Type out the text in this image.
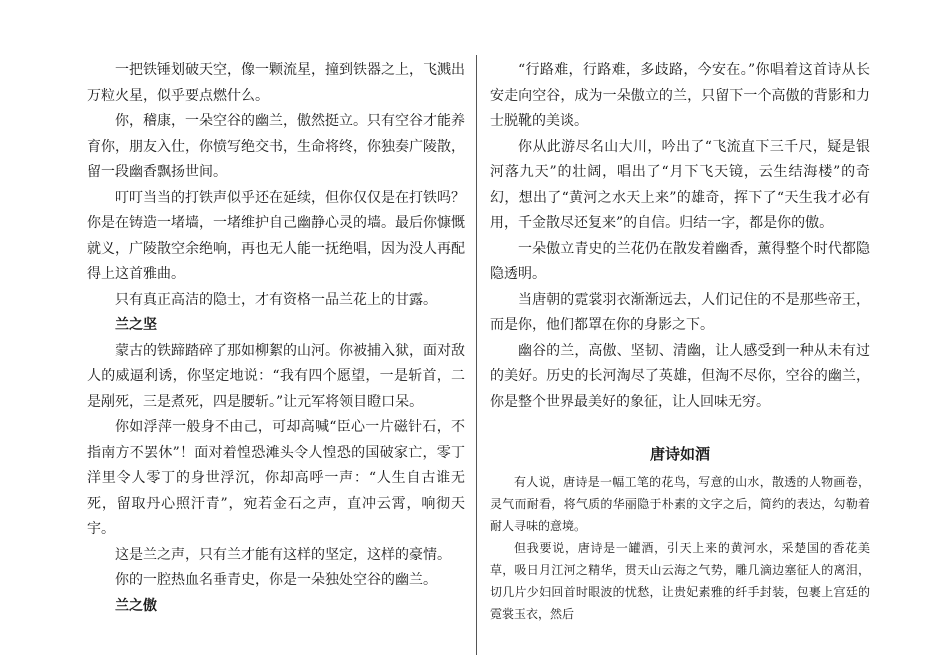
一把铁锤划破天空，像一颗流星，撞到铁器之上，飞溅出万粒火星，似乎要点燃什么。

你，稽康，一朵空谷的幽兰，傲然挺立。只有空谷才能养育你，朋友入仕，你愤写绝交书，生命将终，你独奏广陵散，留一段幽香飘扬世间。

叮叮当当的打铁声似乎还在延续，但你仅仅是在打铁吗？你是在铸造一堵墙，一堵维护自己幽静心灵的墙。最后你慷慨就义，广陵散空余绝响，再也无人能一抚绝唱，因为没人再配得上这首雅曲。

只有真正高洁的隐士，才有资格一品兰花上的甘露。

兰之坚

蒙古的铁蹄踏碎了那如柳絮的山河。你被捕入狱，面对敌人的威逼利诱，你坚定地说：“我有四个愿望，一是斩首，二是剐死，三是煮死，四是腰斩。”让元军将领目瞪口呆。

你如浮萍一般身不由己，可却高喊“臣心一片磁针石，不指南方不罢休”！面对着惶恐滩头令人惶恐的国破家亡，零丁洋里令人零丁的身世浮沉，你却高呼一声：“人生自古谁无死，留取丹心照汗青”，宛若金石之声，直冲云霄，响彻天宇。

这是兰之声，只有兰才能有这样的坚定，这样的豪情。

你的一腔热血名垂青史，你是一朵独处空谷的幽兰。

兰之傲

“行路难，行路难，多歧路，今安在。”你唱着这首诗从长安走向空谷，成为一朵傲立的兰，只留下一个高傲的背影和力士脱靴的美谈。

你从此游尽名山大川，吟出了“飞流直下三千尺，疑是银河落九天”的壮阔，唱出了“月下飞天镜，云生结海楼”的奇幻，想出了“黄河之水天上来”的雄奇，挥下了“天生我才必有用，千金散尽还复来”的自信。归结一字，都是你的傲。

一朵傲立青史的兰花仍在散发着幽香，薰得整个时代都隐隐透明。

当唐朝的霓裳羽衣渐渐远去，人们记住的不是那些帝王，而是你，他们都罩在你的身影之下。

幽谷的兰，高傲、坚韧、清幽，让人感受到一种从未有过的美好。历史的长河淘尽了英雄，但淘不尽你，空谷的幽兰，你是整个世界最美好的象征，让人回味无穷。

唐诗如酒

有人说，唐诗是一幅工笔的花鸟，写意的山水，散透的人物画卷，灵气而耐看，将气质的华丽隐于朴素的文字之后，简约的表达，勾勒着耐人寻味的意境。

但我要说，唐诗是一罐酒，引天上来的黄河水，采楚国的香花美草，吸日月江河之精华，贯天山云海之气势，雕几滴边塞征人的离泪，切几片少妇回首时眼波的忧愁，让贵妃素雅的纤手封装，包裹上宫廷的霓裳玉衣，然后
